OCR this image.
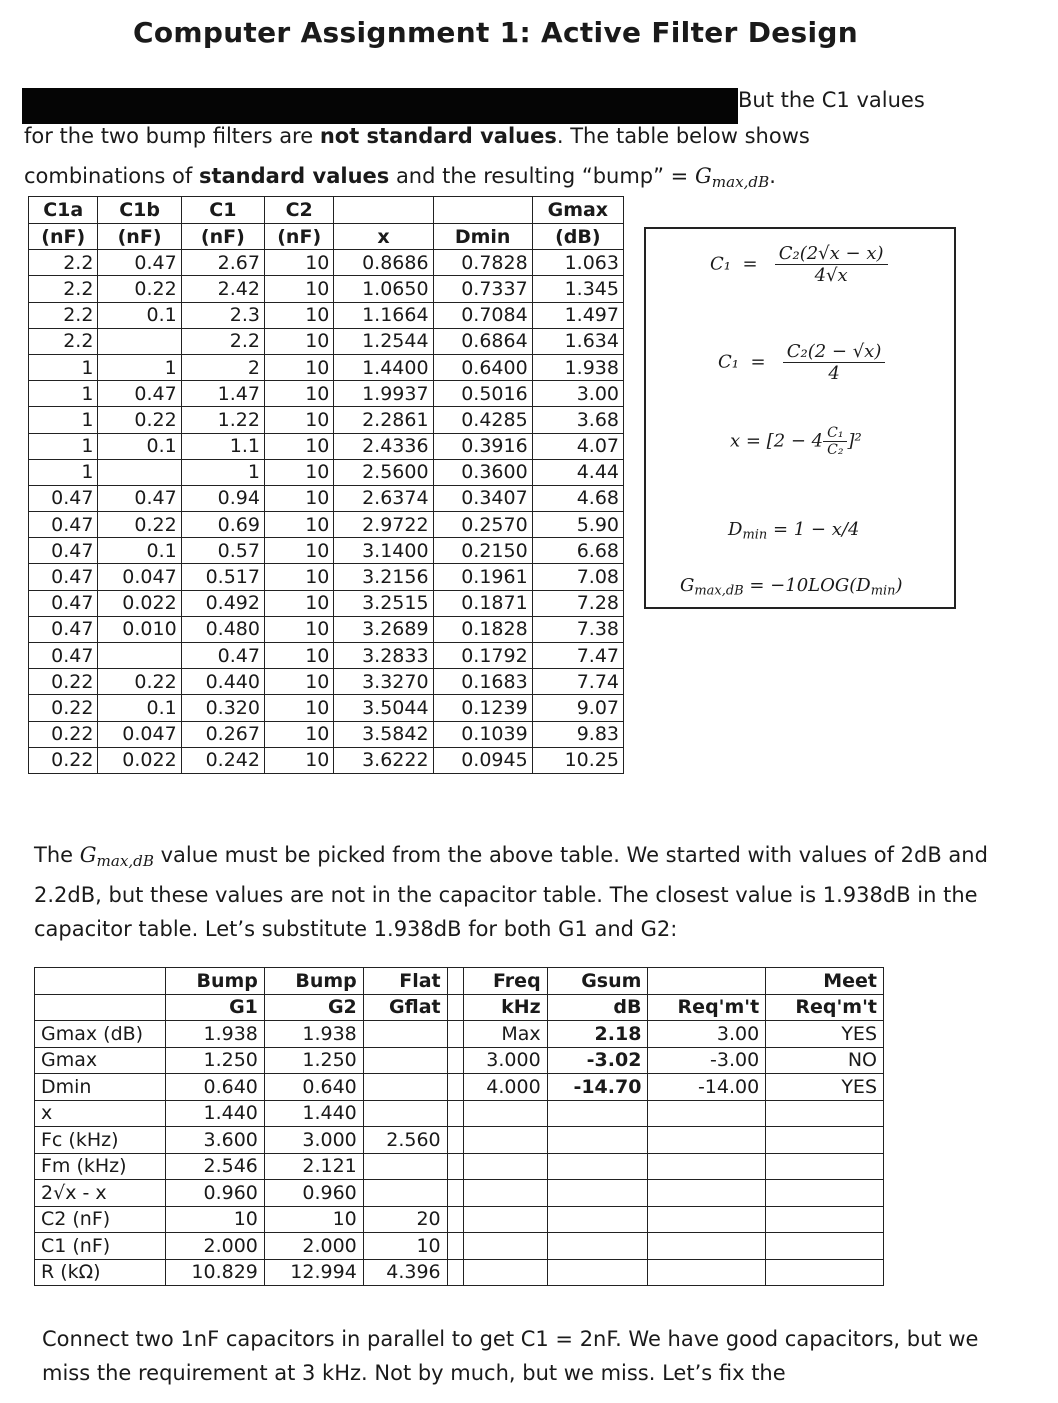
Computer Assignment 1: Active Filter Design
But the C1 values
for the two bump filters are not standard values. The table below shows
combinations of standard values and the resulting “bump” = $G_{max,dB}$.
C1a	C1b	C1	C2			Gmax
(nF)	(nF)	(nF)	(nF)	x	Dmin	(dB)
2.2	0.47	2.67	10	0.8686	0.7828	1.063
2.2	0.22	2.42	10	1.0650	0.7337	1.345
2.2	0.1	2.3	10	1.1664	0.7084	1.497
2.2		2.2	10	1.2544	0.6864	1.634
1	1	2	10	1.4400	0.6400	1.938
1	0.47	1.47	10	1.9937	0.5016	3.00
1	0.22	1.22	10	2.2861	0.4285	3.68
1	0.1	1.1	10	2.4336	0.3916	4.07
1		1	10	2.5600	0.3600	4.44
0.47	0.47	0.94	10	2.6374	0.3407	4.68
0.47	0.22	0.69	10	2.9722	0.2570	5.90
0.47	0.1	0.57	10	3.1400	0.2150	6.68
0.47	0.047	0.517	10	3.2156	0.1961	7.08
0.47	0.022	0.492	10	3.2515	0.1871	7.28
0.47	0.010	0.480	10	3.2689	0.1828	7.38
0.47		0.47	10	3.2833	0.1792	7.47
0.22	0.22	0.440	10	3.3270	0.1683	7.74
0.22	0.1	0.320	10	3.5044	0.1239	9.07
0.22	0.047	0.267	10	3.5842	0.1039	9.83
0.22	0.022	0.242	10	3.6222	0.0945	10.25
$C_1 = \frac{\text{C₂(2√x − x)}}{4√x}$
$C_1 = \frac{\text{C₂(2 − √x)}}{4}$
$x = [2 - 4 \frac{\text{C₁}}{\text{C₂}} ]^2$
$D_{min} = 1 - x/4$
$G_{max,dB} = -10LOG(D_{min})$
The $G_{max,dB}$ value must be picked from the above table. We started with values of 2dB and 2.2dB, but these values are not in the capacitor table. The closest value is 1.938dB in the capacitor table. Let’s substitute 1.938dB for both G1 and G2:
	Bump	Bump	Flat		Freq	Gsum		Meet
	G1	G2	Gflat		kHz	dB	Req'm't	Req'm't
Gmax (dB)	1.938	1.938			Max	2.18	3.00	YES
Gmax	1.250	1.250			3.000	-3.02	-3.00	NO
Dmin	0.640	0.640			4.000	-14.70	-14.00	YES
x	1.440	1.440						
Fc (kHz)	3.600	3.000	2.560					
Fm (kHz)	2.546	2.121						
2√x - x	0.960	0.960						
C2 (nF)	10	10	20					
C1 (nF)	2.000	2.000	10					
R (kΩ)	10.829	12.994	4.396					
Connect two 1nF capacitors in parallel to get C1 = 2nF. We have good capacitors, but we miss the requirement at 3 kHz. Not by much, but we miss. Let’s fix the
